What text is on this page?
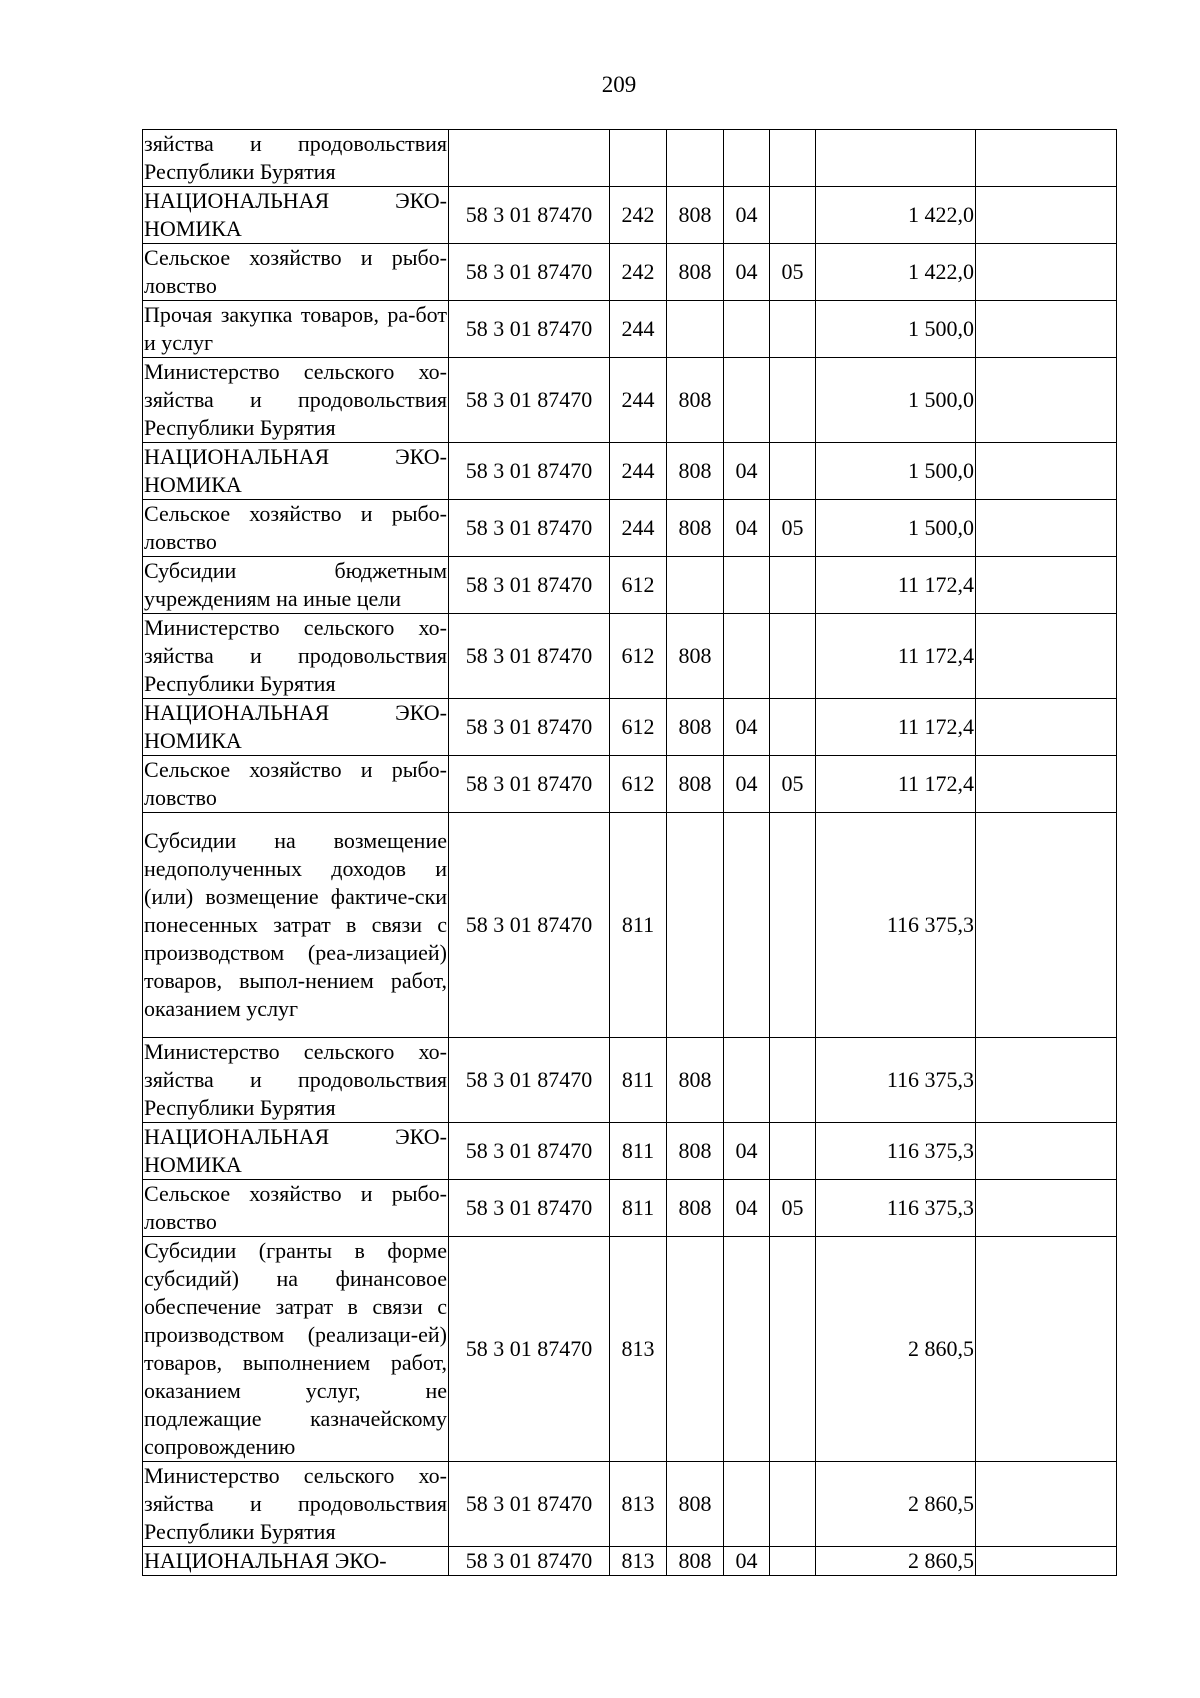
209
зяйства и продовольствия Республики Бурятия							
НАЦИОНАЛЬНАЯ ЭКО-НОМИКА	58 3 01 87470	242	808	04		1 422,0	
Сельское хозяйство и рыбо-ловство	58 3 01 87470	242	808	04	05	1 422,0	
Прочая закупка товаров, ра-бот и услуг	58 3 01 87470	244				1 500,0	
Министерство сельского хо-зяйства и продовольствия Республики Бурятия	58 3 01 87470	244	808			1 500,0	
НАЦИОНАЛЬНАЯ ЭКО-НОМИКА	58 3 01 87470	244	808	04		1 500,0	
Сельское хозяйство и рыбо-ловство	58 3 01 87470	244	808	04	05	1 500,0	
Субсидии бюджетным учреждениям на иные цели	58 3 01 87470	612				11 172,4	
Министерство сельского хо-зяйства и продовольствия Республики Бурятия	58 3 01 87470	612	808			11 172,4	
НАЦИОНАЛЬНАЯ ЭКО-НОМИКА	58 3 01 87470	612	808	04		11 172,4	
Сельское хозяйство и рыбо-ловство	58 3 01 87470	612	808	04	05	11 172,4	
Субсидии на возмещение недополученных доходов и (или) возмещение фактиче-ски понесенных затрат в связи с производством (реа-лизацией) товаров, выпол-нением работ, оказанием услуг	58 3 01 87470	811				116 375,3	
Министерство сельского хо-зяйства и продовольствия Республики Бурятия	58 3 01 87470	811	808			116 375,3	
НАЦИОНАЛЬНАЯ ЭКО-НОМИКА	58 3 01 87470	811	808	04		116 375,3	
Сельское хозяйство и рыбо-ловство	58 3 01 87470	811	808	04	05	116 375,3	
Субсидии (гранты в форме субсидий) на финансовое обеспечение затрат в связи с производством (реализаци-ей) товаров, выполнением работ, оказанием услуг, не подлежащие казначейскому сопровождению	58 3 01 87470	813				2 860,5	
Министерство сельского хо-зяйства и продовольствия Республики Бурятия	58 3 01 87470	813	808			2 860,5	
НАЦИОНАЛЬНАЯ ЭКО-	58 3 01 87470	813	808	04		2 860,5	
